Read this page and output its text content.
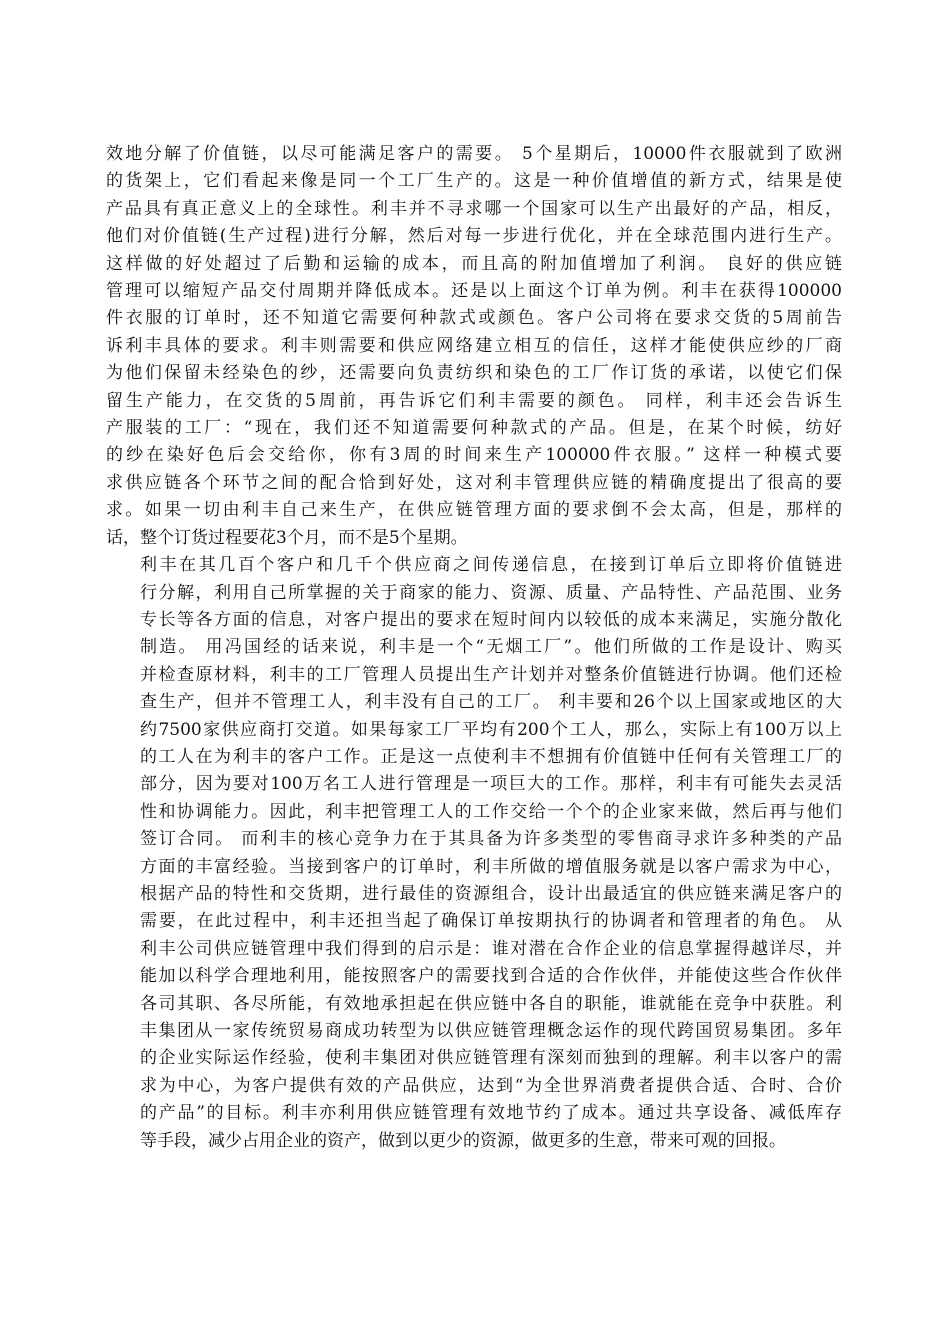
效地分解了价值链，以尽可能满足客户的需要。 5个星期后，10000件衣服就到了欧洲
的货架上，它们看起来像是同一个工厂生产的。这是一种价值增值的新方式，结果是使
产品具有真正意义上的全球性。利丰并不寻求哪一个国家可以生产出最好的产品，相反，
他们对价值链(生产过程)进行分解，然后对每一步进行优化，并在全球范围内进行生产。
这样做的好处超过了后勤和运输的成本，而且高的附加值增加了利润。 良好的供应链
管理可以缩短产品交付周期并降低成本。还是以上面这个订单为例。利丰在获得100000
件衣服的订单时，还不知道它需要何种款式或颜色。客户公司将在要求交货的5周前告
诉利丰具体的要求。利丰则需要和供应网络建立相互的信任，这样才能使供应纱的厂商
为他们保留未经染色的纱，还需要向负责纺织和染色的工厂作订货的承诺，以使它们保
留生产能力，在交货的5周前，再告诉它们利丰需要的颜色。 同样，利丰还会告诉生
产服装的工厂：“现在，我们还不知道需要何种款式的产品。但是，在某个时候，纺好
的纱在染好色后会交给你，你有3周的时间来生产100000件衣服。” 这样一种模式要
求供应链各个环节之间的配合恰到好处，这对利丰管理供应链的精确度提出了很高的要
求。如果一切由利丰自己来生产，在供应链管理方面的要求倒不会太高，但是，那样的
话，整个订货过程要花3个月，而不是5个星期。
利丰在其几百个客户和几千个供应商之间传递信息，在接到订单后立即将价值链进
行分解，利用自己所掌握的关于商家的能力、资源、质量、产品特性、产品范围、业务
专长等各方面的信息，对客户提出的要求在短时间内以较低的成本来满足，实施分散化
制造。 用冯国经的话来说，利丰是一个“无烟工厂”。他们所做的工作是设计、购买
并检查原材料，利丰的工厂管理人员提出生产计划并对整条价值链进行协调。他们还检
查生产，但并不管理工人，利丰没有自己的工厂。 利丰要和26个以上国家或地区的大
约7500家供应商打交道。如果每家工厂平均有200个工人，那么，实际上有100万以上
的工人在为利丰的客户工作。正是这一点使利丰不想拥有价值链中任何有关管理工厂的
部分，因为要对100万名工人进行管理是一项巨大的工作。那样，利丰有可能失去灵活
性和协调能力。因此，利丰把管理工人的工作交给一个个的企业家来做，然后再与他们
签订合同。 而利丰的核心竞争力在于其具备为许多类型的零售商寻求许多种类的产品
方面的丰富经验。当接到客户的订单时，利丰所做的增值服务就是以客户需求为中心，
根据产品的特性和交货期，进行最佳的资源组合，设计出最适宜的供应链来满足客户的
需要，在此过程中，利丰还担当起了确保订单按期执行的协调者和管理者的角色。 从
利丰公司供应链管理中我们得到的启示是：谁对潜在合作企业的信息掌握得越详尽，并
能加以科学合理地利用，能按照客户的需要找到合适的合作伙伴，并能使这些合作伙伴
各司其职、各尽所能，有效地承担起在供应链中各自的职能，谁就能在竞争中获胜。利
丰集团从一家传统贸易商成功转型为以供应链管理概念运作的现代跨国贸易集团。多年
的企业实际运作经验，使利丰集团对供应链管理有深刻而独到的理解。利丰以客户的需
求为中心，为客户提供有效的产品供应，达到“为全世界消费者提供合适、合时、合价
的产品”的目标。利丰亦利用供应链管理有效地节约了成本。通过共享设备、减低库存
等手段，减少占用企业的资产，做到以更少的资源，做更多的生意，带来可观的回报。
